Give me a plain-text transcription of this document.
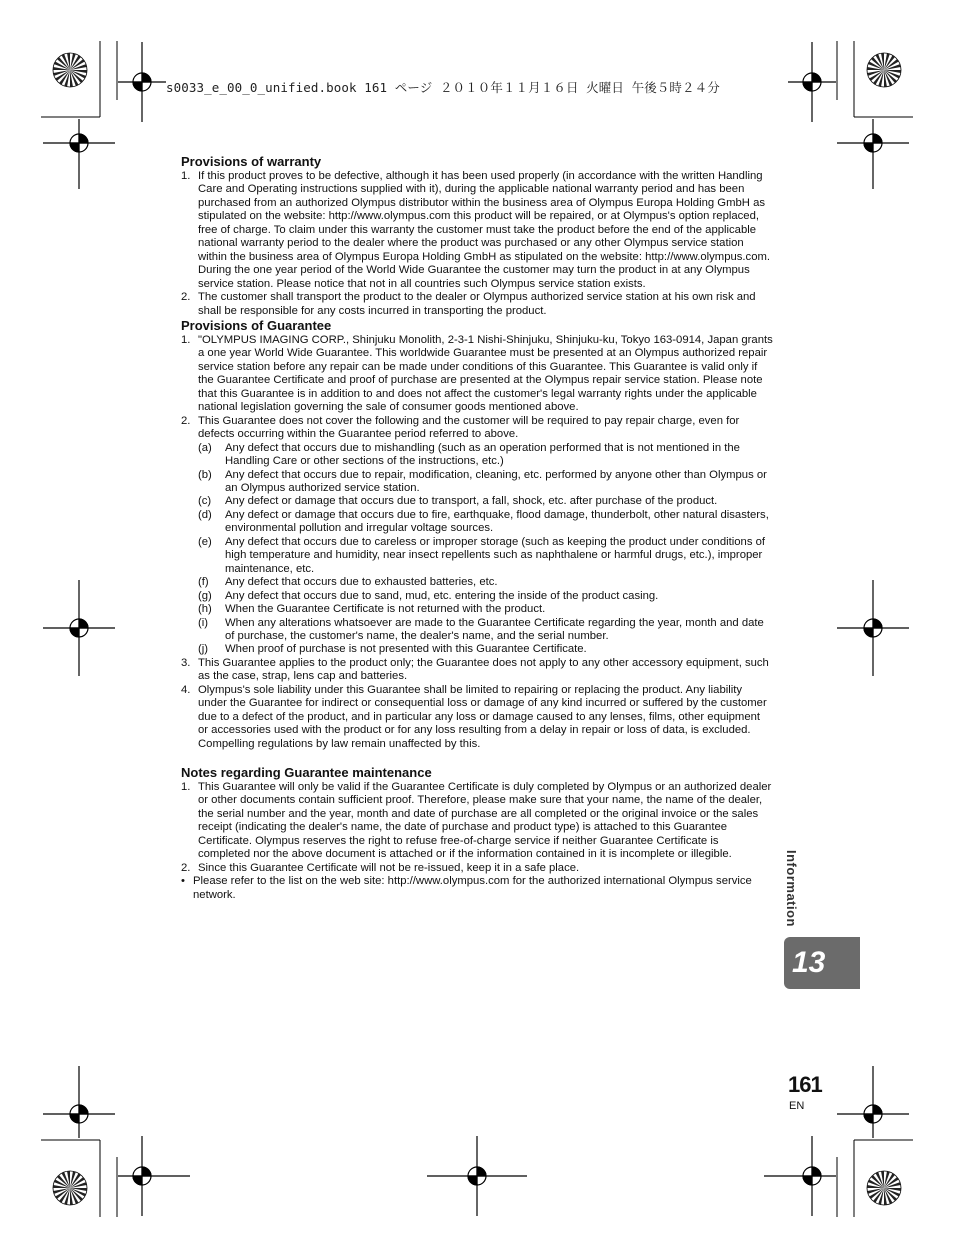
s0033_e_00_0_unified.book 161 ページ ２０１０年１１月１６日 火曜日 午後５時２４分
Provisions of warranty
1. If this product proves to be defective, although it has been used properly (in accordance with the written Handling Care and Operating instructions supplied with it), during the applicable national warranty period and has been purchased from an authorized Olympus distributor within the business area of Olympus Europa Holding GmbH as stipulated on the website: http://www.olympus.com this product will be repaired, or at Olympus's option replaced, free of charge. To claim under this warranty the customer must take the product before the end of the applicable national warranty period to the dealer where the product was purchased or any other Olympus service station within the business area of Olympus Europa Holding GmbH as stipulated on the website: http://www.olympus.com. During the one year period of the World Wide Guarantee the customer may turn the product in at any Olympus service station. Please notice that not in all countries such Olympus service station exists.
2. The customer shall transport the product to the dealer or Olympus authorized service station at his own risk and shall be responsible for any costs incurred in transporting the product.
Provisions of Guarantee
1. "OLYMPUS IMAGING CORP., Shinjuku Monolith, 2-3-1 Nishi-Shinjuku, Shinjuku-ku, Tokyo 163-0914, Japan grants a one year World Wide Guarantee. This worldwide Guarantee must be presented at an Olympus authorized repair service station before any repair can be made under conditions of this Guarantee. This Guarantee is valid only if the Guarantee Certificate and proof of purchase are presented at the Olympus repair service station. Please note that this Guarantee is in addition to and does not affect the customer's legal warranty rights under the applicable national legislation governing the sale of consumer goods mentioned above.
2. This Guarantee does not cover the following and the customer will be required to pay repair charge, even for defects occurring within the Guarantee period referred to above.
(a)	Any defect that occurs due to mishandling (such as an operation performed that is not mentioned in the Handling Care or other sections of the instructions, etc.)
(b)	Any defect that occurs due to repair, modification, cleaning, etc. performed by anyone other than Olympus or an Olympus authorized service station.
(c)	Any defect or damage that occurs due to transport, a fall, shock, etc. after purchase of the product.
(d)	Any defect or damage that occurs due to fire, earthquake, flood damage, thunderbolt, other natural disasters, environmental pollution and irregular voltage sources.
(e)	Any defect that occurs due to careless or improper storage (such as keeping the product under conditions of high temperature and humidity, near insect repellents such as naphthalene or harmful drugs, etc.), improper maintenance, etc.
(f)	Any defect that occurs due to exhausted batteries, etc.
(g)	Any defect that occurs due to sand, mud, etc. entering the inside of the product casing.
(h)	When the Guarantee Certificate is not returned with the product.
(i)	When any alterations whatsoever are made to the Guarantee Certificate regarding the year, month and date of purchase, the customer's name, the dealer's name, and the serial number.
(j)	When proof of purchase is not presented with this Guarantee Certificate.
3. This Guarantee applies to the product only; the Guarantee does not apply to any other accessory equipment, such as the case, strap, lens cap and batteries.
4. Olympus's sole liability under this Guarantee shall be limited to repairing or replacing the product. Any liability under the Guarantee for indirect or consequential loss or damage of any kind incurred or suffered by the customer due to a defect of the product, and in particular any loss or damage caused to any lenses, films, other equipment or accessories used with the product or for any loss resulting from a delay in repair or loss of data, is excluded. Compelling regulations by law remain unaffected by this.
Notes regarding Guarantee maintenance
1. This Guarantee will only be valid if the Guarantee Certificate is duly completed by Olympus or an authorized dealer or other documents contain sufficient proof. Therefore, please make sure that your name, the name of the dealer, the serial number and the year, month and date of purchase are all completed or the original invoice or the sales receipt (indicating the dealer's name, the date of purchase and product type) is attached to this Guarantee Certificate. Olympus reserves the right to refuse free-of-charge service if neither Guarantee Certificate is completed nor the above document is attached or if the information contained in it is incomplete or illegible.
2. Since this Guarantee Certificate will not be re-issued, keep it in a safe place.
• Please refer to the list on the web site: http://www.olympus.com for the authorized international Olympus service network.	Information
13
161
EN
